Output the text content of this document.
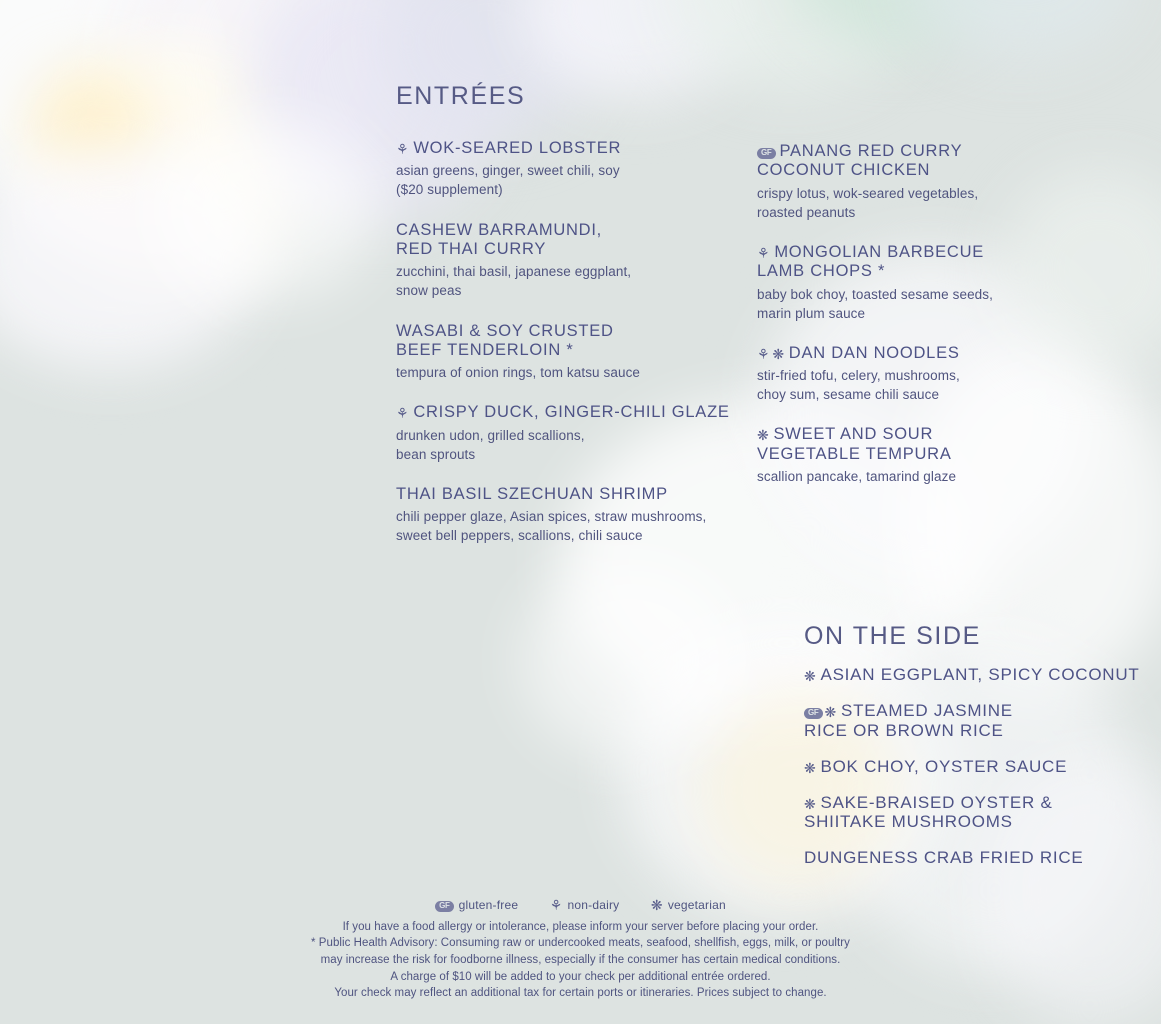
ENTRÉES
⚘ WOK-SEARED LOBSTER
asian greens, ginger, sweet chili, soy
($20 supplement)
CASHEW BARRAMUNDI,
RED THAI CURRY
zucchini, thai basil, japanese eggplant,
snow peas
WASABI & SOY CRUSTED
BEEF TENDERLOIN *
tempura of onion rings, tom katsu sauce
⚘ CRISPY DUCK, GINGER-CHILI GLAZE
drunken udon, grilled scallions,
bean sprouts
THAI BASIL SZECHUAN SHRIMP
chili pepper glaze, Asian spices, straw mushrooms,
sweet bell peppers, scallions, chili sauce
GF PANANG RED CURRY
COCONUT CHICKEN
crispy lotus, wok-seared vegetables,
roasted peanuts
⚘ MONGOLIAN BARBECUE
LAMB CHOPS *
baby bok choy, toasted sesame seeds,
marin plum sauce
⚘ ❋ DAN DAN NOODLES
stir-fried tofu, celery, mushrooms,
choy sum, sesame chili sauce
❋ SWEET AND SOUR
VEGETABLE TEMPURA
scallion pancake, tamarind glaze
ON THE SIDE
❋ ASIAN EGGPLANT, SPICY COCONUT
GF ❋ STEAMED JASMINE
RICE OR BROWN RICE
❋ BOK CHOY, OYSTER SAUCE
❋ SAKE-BRAISED OYSTER &
SHIITAKE MUSHROOMS
DUNGENESS CRAB FRIED RICE
GF gluten-free ⚘ non-dairy ❋ vegetarian
If you have a food allergy or intolerance, please inform your server before placing your order.
* Public Health Advisory: Consuming raw or undercooked meats, seafood, shellfish, eggs, milk, or poultry
may increase the risk for foodborne illness, especially if the consumer has certain medical conditions.
A charge of $10 will be added to your check per additional entrée ordered.
Your check may reflect an additional tax for certain ports or itineraries. Prices subject to change.
